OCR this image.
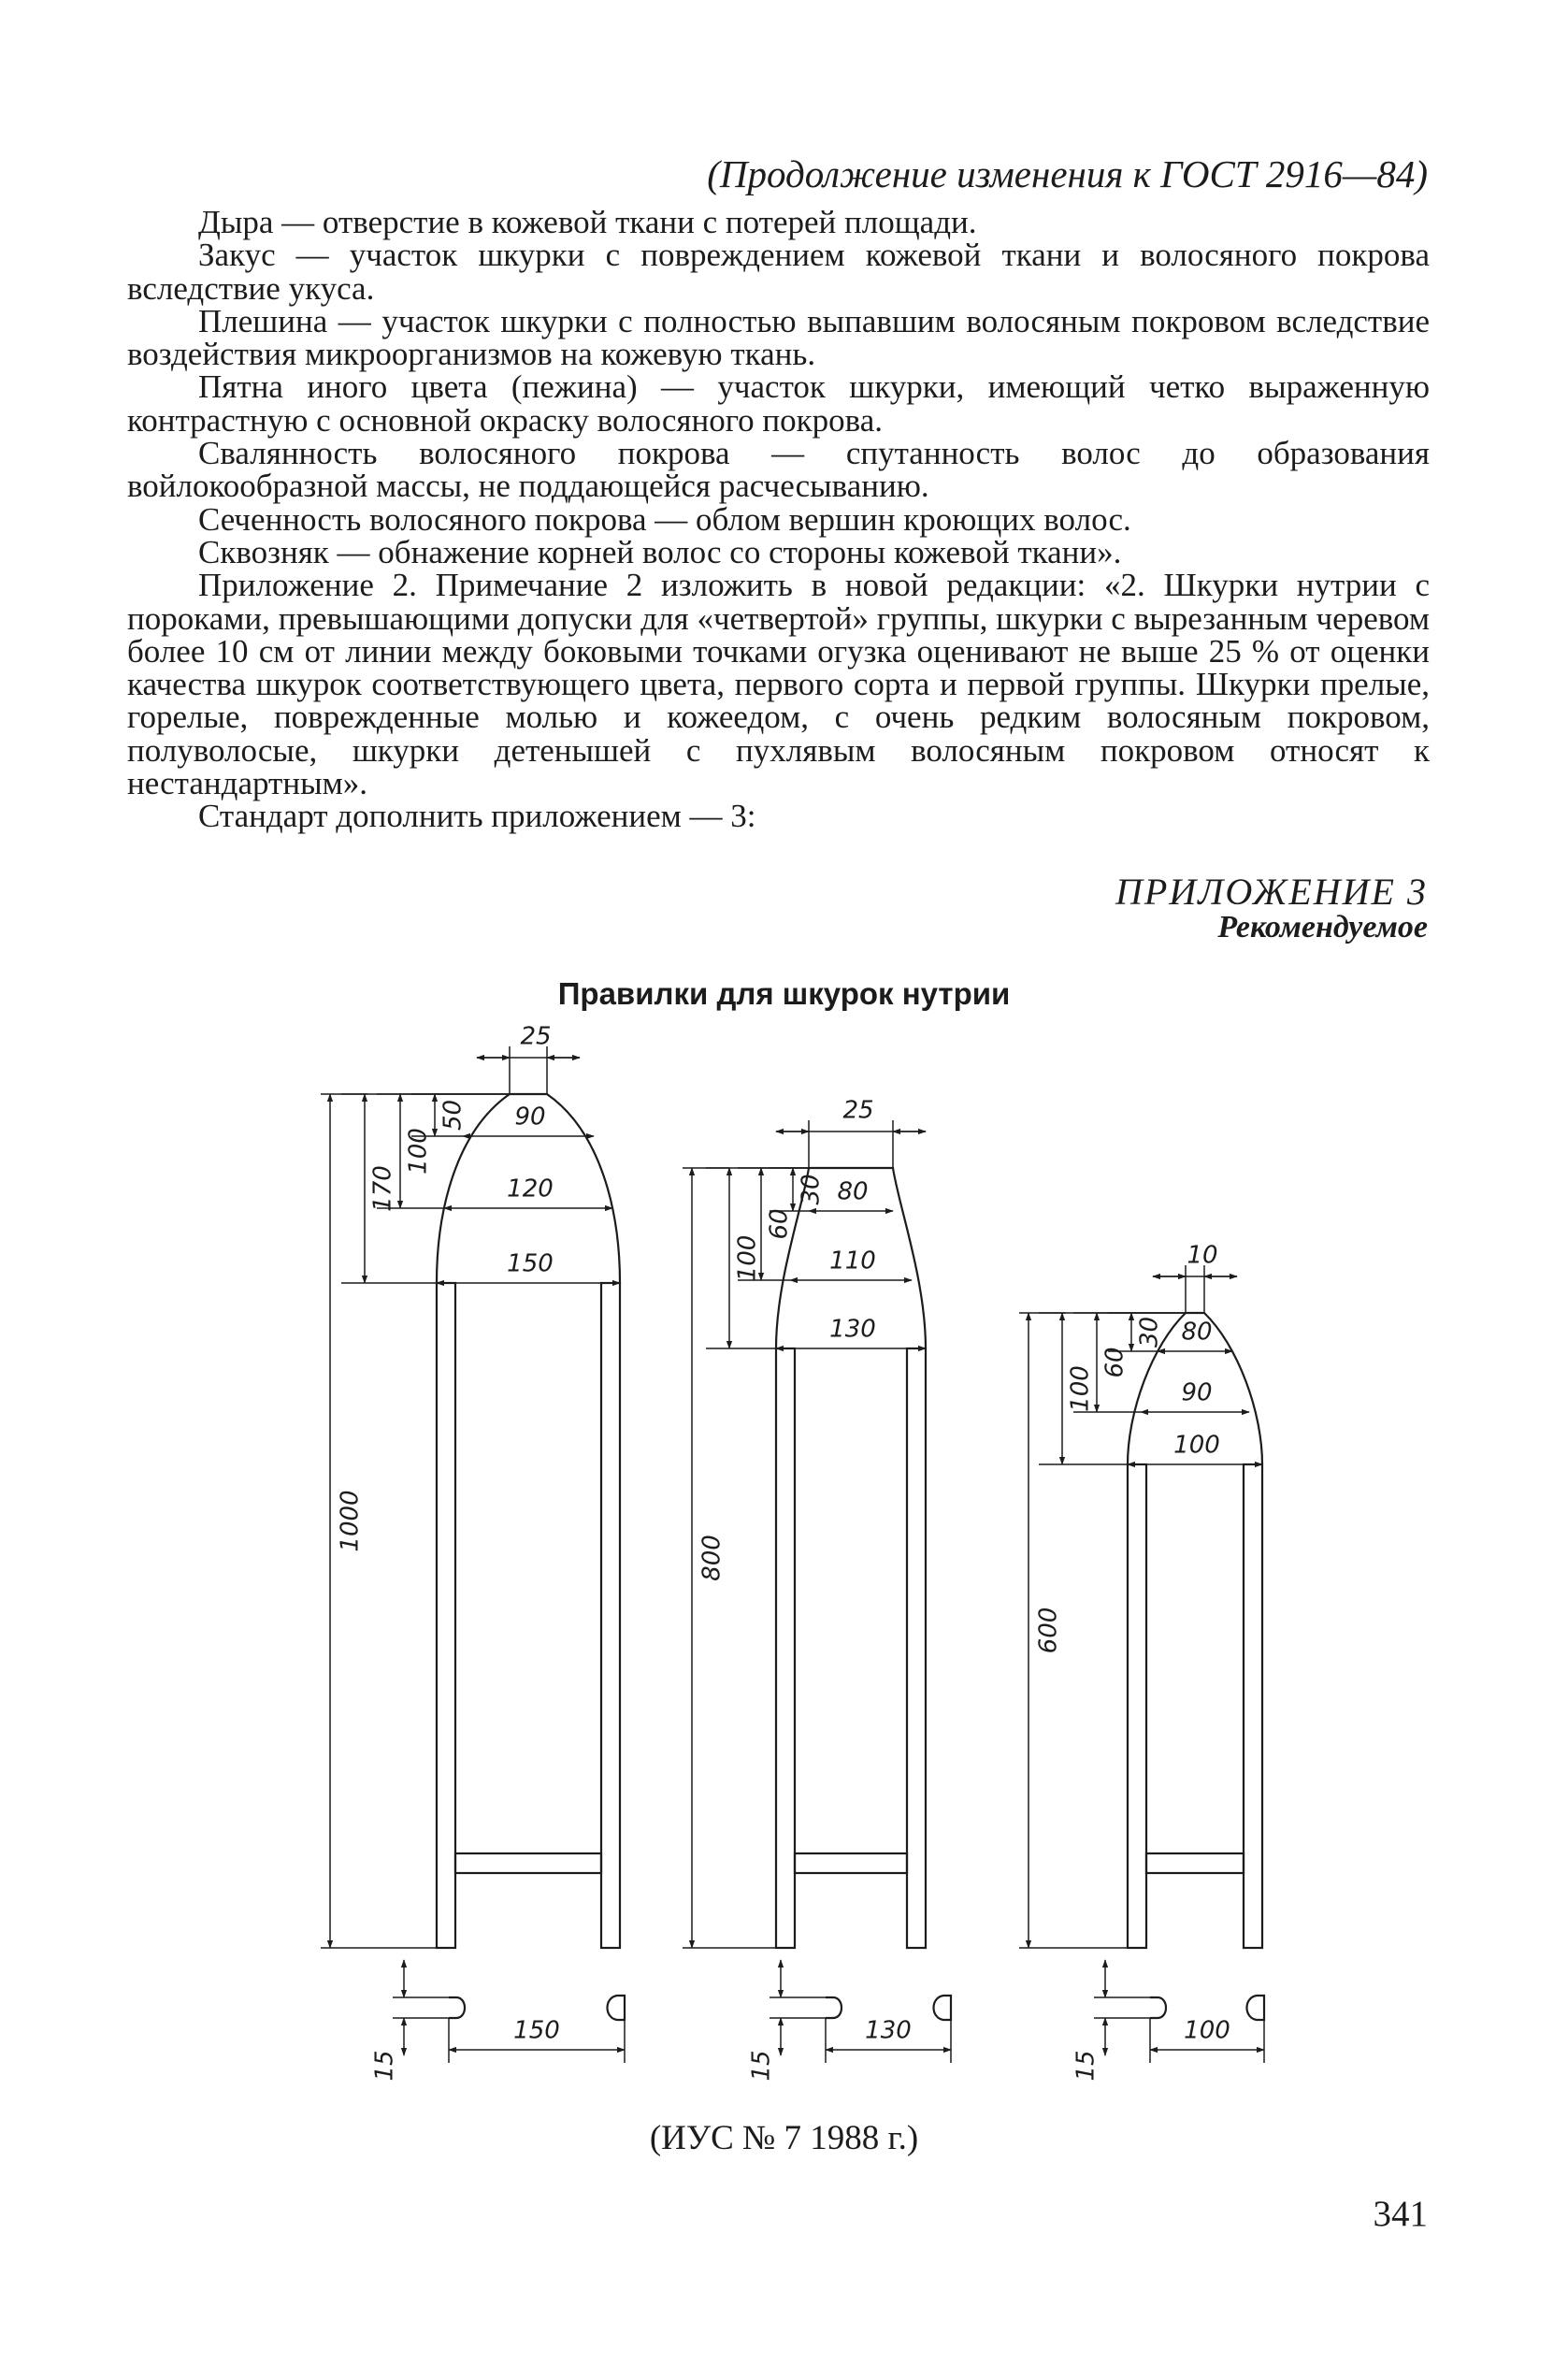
(Продолжение изменения к ГОСТ 2916—84)

Дыра — отверстие в кожевой ткани с потерей площади.

Закус — участок шкурки с повреждением кожевой ткани и волосяного покрова вследствие укуса.

Плешина — участок шкурки с полностью выпавшим волосяным покровом вследствие воздействия микроорганизмов на кожевую ткань.

Пятна иного цвета (пежина) — участок шкурки, имеющий четко выраженную контрастную с основной окраску волосяного покрова.

Свалянность волосяного покрова — спутанность волос до образования войлокообразной массы, не поддающейся расчесыванию.

Сеченность волосяного покрова — облом вершин кроющих волос.

Сквозняк — обнажение корней волос со стороны кожевой ткани».

Приложение 2. Примечание 2 изложить в новой редакции: «2. Шкурки нутрии с пороками, превышающими допуски для «четвертой» группы, шкурки с вырезанным черевом более 10 см от линии между боковыми точками огузка оценивают не выше 25 % от оценки качества шкурок соответствующего цвета, первого сорта и первой группы. Шкурки прелые, горелые, поврежденные молью и кожеедом, с очень редким волосяным покровом, полуволосые, шкурки детенышей с пухлявым волосяным покровом относят к нестандартным».

Стандарт дополнить приложением — 3:

ПРИЛОЖЕНИЕ 3
Рекомендуемое
Правилки для шкурок нутрии
25
90
120
150
50
100
170
1000
15
150
25
80
110
130
30
60
100
800
15
130
10
80
90
100
30
60
100
600
15
100
(ИУС № 7 1988 г.)
341
